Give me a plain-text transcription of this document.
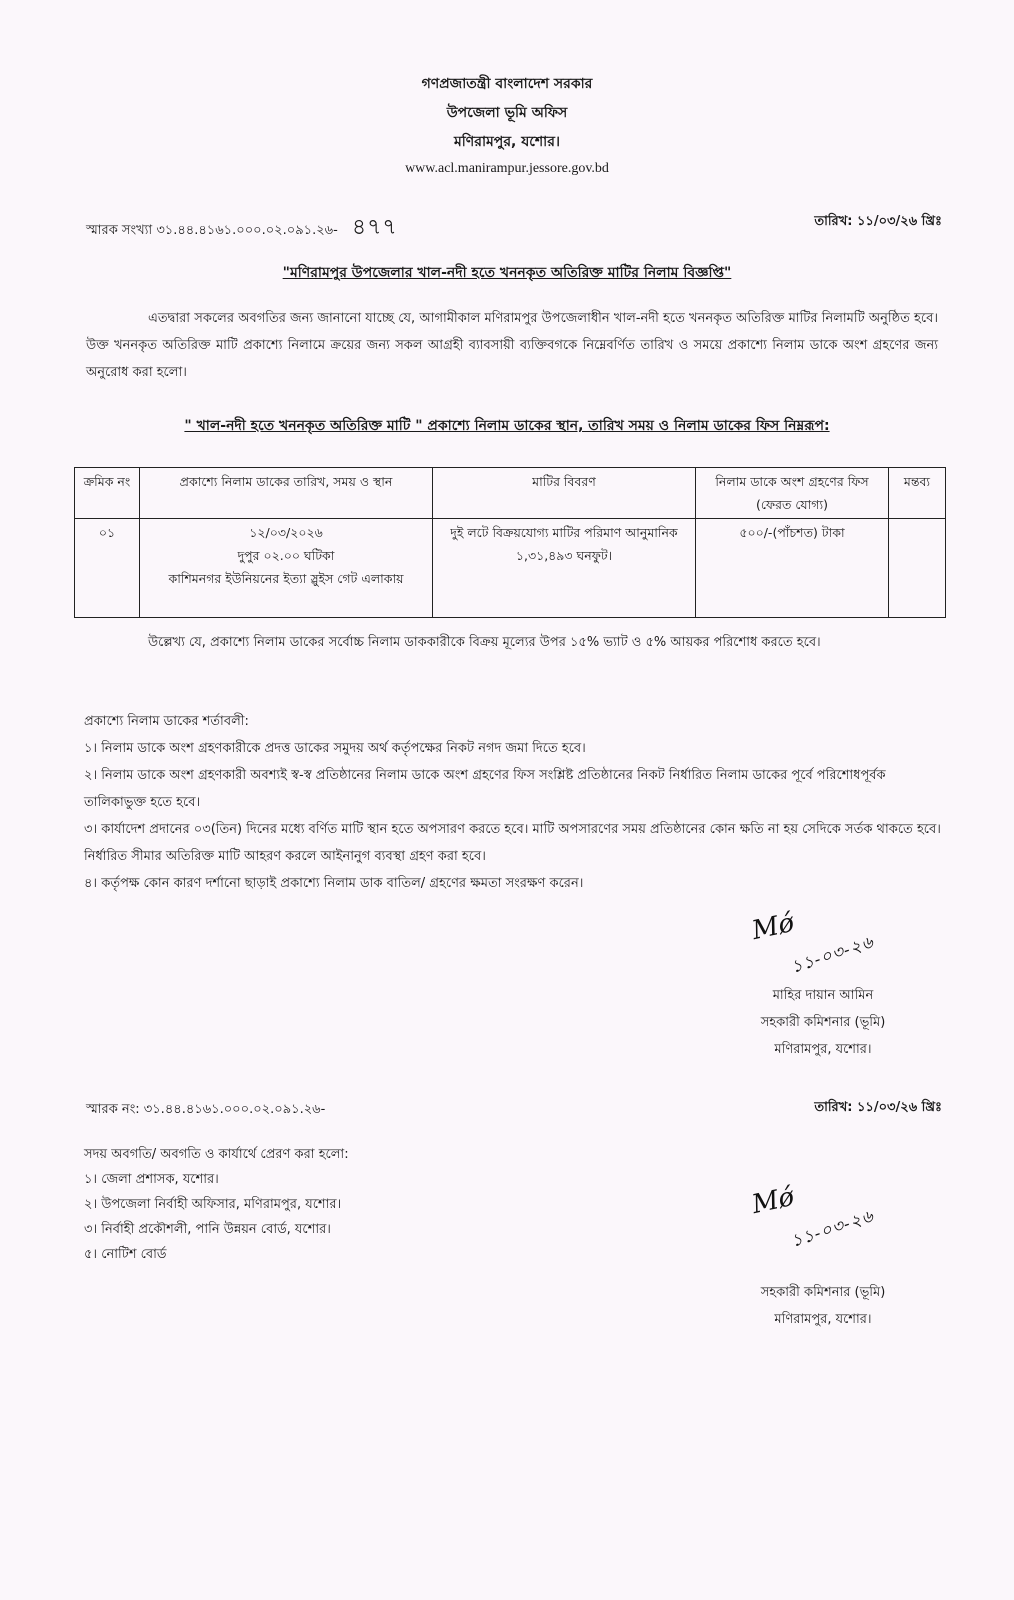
গণপ্রজাতন্ত্রী বাংলাদেশ সরকার
উপজেলা ভূমি অফিস
মণিরামপুর, যশোর।
www.acl.manirampur.jessore.gov.bd
স্মারক সংখ্যা ৩১.৪৪.৪১৬১.০০০.০২.০৯১.২৬- ৪৭৭	তারিখ: ১১/০৩/২৬ খ্রিঃ
"মণিরামপুর উপজেলার খাল-নদী হতে খননকৃত অতিরিক্ত মাটির নিলাম বিজ্ঞপ্তি"
এতদ্বারা সকলের অবগতির জন্য জানানো যাচ্ছে যে, আগামীকাল মণিরামপুর উপজেলাধীন খাল-নদী হতে খননকৃত অতিরিক্ত মাটির নিলামটি অনুষ্ঠিত হবে। উক্ত খননকৃত অতিরিক্ত মাটি প্রকাশ্যে নিলামে ক্রয়ের জন্য সকল আগ্রহী ব্যাবসায়ী ব্যক্তিবগকে নিম্নেবর্ণিত তারিখ ও সময়ে প্রকাশ্যে নিলাম ডাকে অংশ গ্রহণের জন্য অনুরোধ করা হলো।
" খাল-নদী হতে খননকৃত অতিরিক্ত মাটি " প্রকাশ্যে নিলাম ডাকের স্থান, তারিখ সময় ও নিলাম ডাকের ফিস নিম্নরূপ:
ক্রমিক নং	প্রকাশ্যে নিলাম ডাকের তারিখ, সময় ও স্থান	মাটির বিবরণ	নিলাম ডাকে অংশ গ্রহণের ফিস (ফেরত যোগ্য)	মন্তব্য
০১	১২/০৩/২০২৬
দুপুর ০২.০০ ঘটিকা
কাশিমনগর ইউনিয়নের ইত্যা স্লুইস গেট এলাকায়	দুই লটে বিক্রয়যোগ্য মাটির পরিমাণ আনুমানিক ১,৩১,৪৯৩ ঘনফুট।	৫০০/-(পাঁচশত) টাকা	
উল্লেখ্য যে, প্রকাশ্যে নিলাম ডাকের সর্বোচ্চ নিলাম ডাককারীকে বিক্রয় মূল্যের উপর ১৫% ভ্যাট ও ৫% আয়কর পরিশোধ করতে হবে।
প্রকাশ্যে নিলাম ডাকের শর্তাবলী:
১। নিলাম ডাকে অংশ গ্রহণকারীকে প্রদত্ত ডাকের সমুদয় অর্থ কর্তৃপক্ষের নিকট নগদ জমা দিতে হবে।
২। নিলাম ডাকে অংশ গ্রহণকারী অবশ্যই স্ব-স্ব প্রতিষ্ঠানের নিলাম ডাকে অংশ গ্রহণের ফিস সংশ্লিষ্ট প্রতিষ্ঠানের নিকট নির্ধারিত নিলাম ডাকের পূর্বে পরিশোধপূর্বক তালিকাভুক্ত হতে হবে।
৩। কার্যাদেশ প্রদানের ০৩(তিন) দিনের মধ্যে বর্ণিত মাটি স্থান হতে অপসারণ করতে হবে। মাটি অপসারণের সময় প্রতিষ্ঠানের কোন ক্ষতি না হয় সেদিকে সর্তক থাকতে হবে। নির্ধারিত সীমার অতিরিক্ত মাটি আহরণ করলে আইনানুগ ব্যবস্থা গ্রহণ করা হবে।
৪। কর্তৃপক্ষ কোন কারণ দর্শানো ছাড়াই প্রকাশ্যে নিলাম ডাক বাতিল/ গ্রহণের ক্ষমতা সংরক্ষণ করেন।
Mǿ
১১-০৩-২৬
মাহির দায়ান আমিন
সহকারী কমিশনার (ভূমি)
মণিরামপুর, যশোর।
স্মারক নং: ৩১.৪৪.৪১৬১.০০০.০২.০৯১.২৬-	তারিখ: ১১/০৩/২৬ খ্রিঃ
সদয় অবগতি/ অবগতি ও কার্যার্থে প্রেরণ করা হলো:
১। জেলা প্রশাসক, যশোর।
২। উপজেলা নির্বাহী অফিসার, মণিরামপুর, যশোর।
৩। নির্বাহী প্রকৌশলী, পানি উন্নয়ন বোর্ড, যশোর।
৫। নোটিশ বোর্ড
Mǿ
১১-০৩-২৬
সহকারী কমিশনার (ভূমি)
মণিরামপুর, যশোর।
